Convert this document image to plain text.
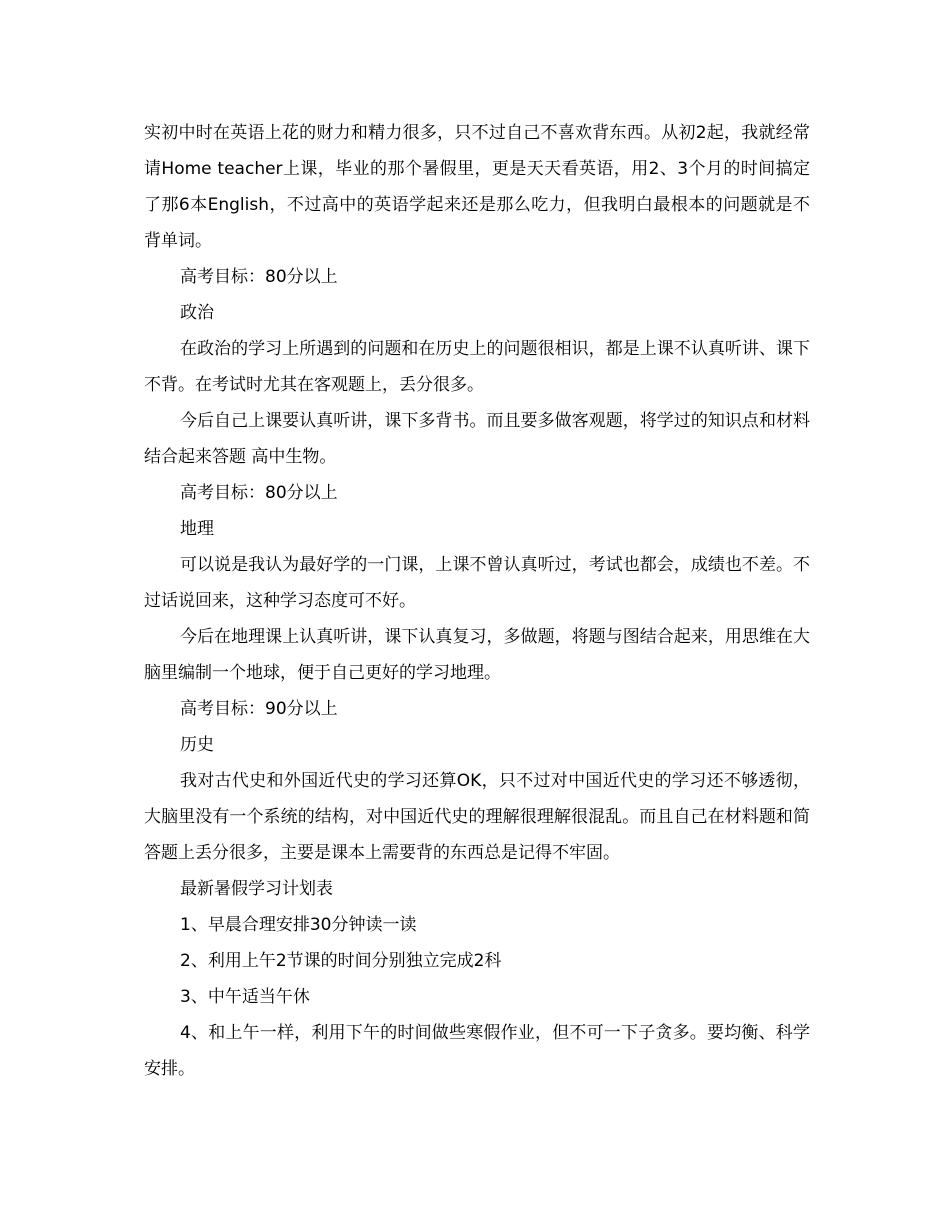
实初中时在英语上花的财力和精力很多，只不过自己不喜欢背东西。从初2起，我就经常请Home teacher上课，毕业的那个暑假里，更是天天看英语，用2、3个月的时间搞定了那6本English，不过高中的英语学起来还是那么吃力，但我明白最根本的问题就是不背单词。

高考目标：80分以上

政治

在政治的学习上所遇到的问题和在历史上的问题很相识，都是上课不认真听讲、课下不背。在考试时尤其在客观题上，丢分很多。

今后自己上课要认真听讲，课下多背书。而且要多做客观题，将学过的知识点和材料结合起来答题 高中生物。

高考目标：80分以上

地理

可以说是我认为最好学的一门课，上课不曾认真听过，考试也都会，成绩也不差。不过话说回来，这种学习态度可不好。

今后在地理课上认真听讲，课下认真复习，多做题，将题与图结合起来，用思维在大脑里编制一个地球，便于自己更好的学习地理。

高考目标：90分以上

历史

我对古代史和外国近代史的学习还算OK，只不过对中国近代史的学习还不够透彻，大脑里没有一个系统的结构，对中国近代史的理解很理解很混乱。而且自己在材料题和简答题上丢分很多，主要是课本上需要背的东西总是记得不牢固。

最新暑假学习计划表

1、早晨合理安排30分钟读一读

2、利用上午2节课的时间分别独立完成2科

3、中午适当午休

4、和上午一样，利用下午的时间做些寒假作业，但不可一下子贪多。要均衡、科学安排。
